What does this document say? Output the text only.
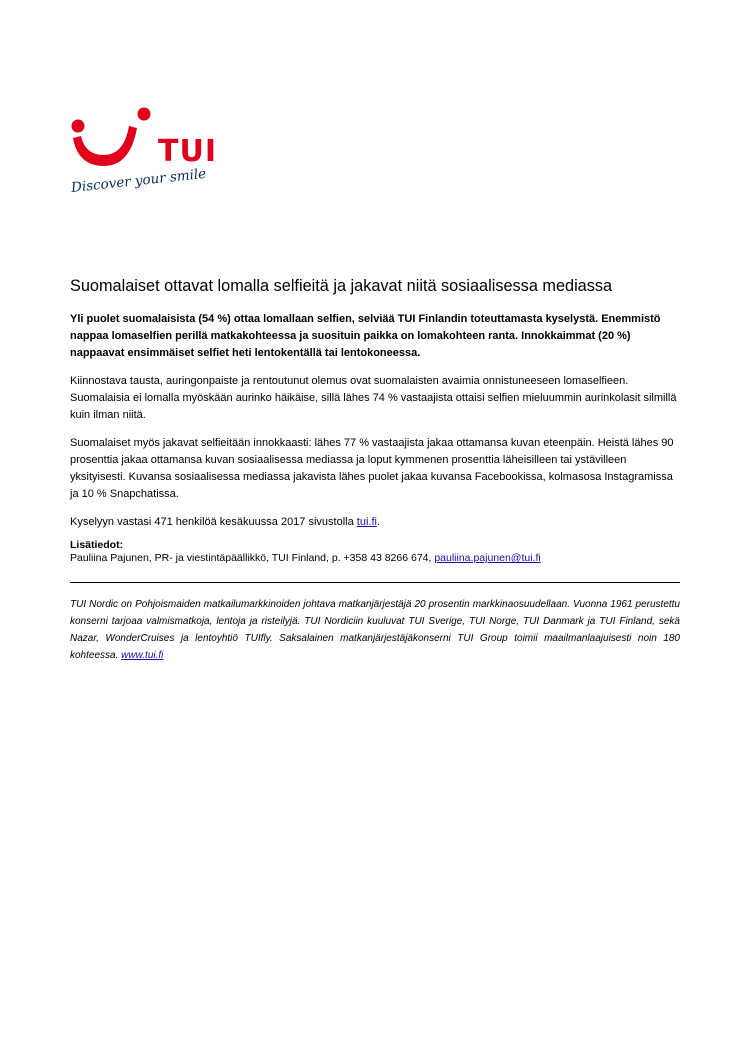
TUI
Discover your smile
Suomalaiset ottavat lomalla selfieitä ja jakavat niitä sosiaalisessa mediassa

Yli puolet suomalaisista (54 %) ottaa lomallaan selfien, selviää TUI Finlandin toteuttamasta kyselystä. Enemmistö nappaa lomaselfien perillä matkakohteessa ja suosituin paikka on lomakohteen ranta. Innokkaimmat (20 %) nappaavat ensimmäiset selfiet heti lentokentällä tai lentokoneessa.

Kiinnostava tausta, auringonpaiste ja rentoutunut olemus ovat suomalaisten avaimia onnistuneeseen lomaselfieen. Suomalaisia ei lomalla myöskään aurinko häikäise, sillä lähes 74 % vastaajista ottaisi selfien mieluummin aurinkolasit silmillä kuin ilman niitä.

Suomalaiset myös jakavat selfieitään innokkaasti: lähes 77 % vastaajista jakaa ottamansa kuvan eteenpäin. Heistä lähes 90 prosenttia jakaa ottamansa kuvan sosiaalisessa mediassa ja loput kymmenen prosenttia läheisilleen tai ystävilleen yksityisesti. Kuvansa sosiaalisessa mediassa jakavista lähes puolet jakaa kuvansa Facebookissa, kolmasosa Instagramissa ja 10 % Snapchatissa.

Kyselyyn vastasi 471 henkilöä kesäkuussa 2017 sivustolla tui.fi.

Lisätiedot:
Pauliina Pajunen, PR- ja viestintäpäällikkö, TUI Finland, p. +358 43 8266 674, pauliina.pajunen@tui.fi

TUI Nordic on Pohjoismaiden matkailumarkkinoiden johtava matkanjärjestäjä 20 prosentin markkinaosuudellaan. Vuonna 1961 perustettu konserni tarjoaa valmismatkoja, lentoja ja risteilyjä. TUI Nordiciin kuuluvat TUI Sverige, TUI Norge, TUI Danmark ja TUI Finland, sekä Nazar, WonderCruises ja lentoyhtiö TUIfly. Saksalainen matkanjärjestäjäkonserni TUI Group toimii maailmanlaajuisesti noin 180 kohteessa. www.tui.fi
